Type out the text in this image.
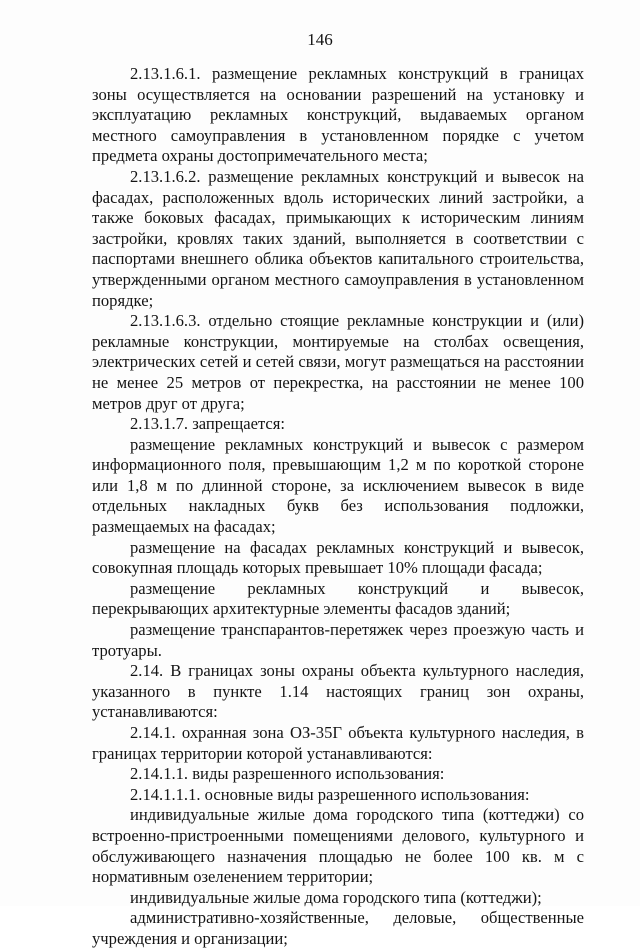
146

2.13.1.6.1. размещение рекламных конструкций в границах зоны осуществляется на основании разрешений на установку и эксплуатацию рекламных конструкций, выдаваемых органом местного самоуправления в установленном порядке с учетом предмета охраны достопримечательного места;

2.13.1.6.2. размещение рекламных конструкций и вывесок на фасадах, расположенных вдоль исторических линий застройки, а также боковых фасадах, примыкающих к историческим линиям застройки, кровлях таких зданий, выполняется в соответствии с паспортами внешнего облика объектов капитального строительства, утвержденными органом местного самоуправления в установленном порядке;

2.13.1.6.3. отдельно стоящие рекламные конструкции и (или) рекламные конструкции, монтируемые на столбах освещения, электрических сетей и сетей связи, могут размещаться на расстоянии не менее 25 метров от перекрестка, на расстоянии не менее 100 метров друг от друга;

2.13.1.7. запрещается:

размещение рекламных конструкций и вывесок с размером информационного поля, превышающим 1,2 м по короткой стороне или 1,8 м по длинной стороне, за исключением вывесок в виде отдельных накладных букв без использования подложки, размещаемых на фасадах;

размещение на фасадах рекламных конструкций и вывесок, совокупная площадь которых превышает 10% площади фасада;

размещение рекламных конструкций и вывесок, перекрывающих архитектурные элементы фасадов зданий;

размещение транспарантов-перетяжек через проезжую часть и тротуары.

2.14. В границах зоны охраны объекта культурного наследия, указанного в пункте 1.14 настоящих границ зон охраны, устанавливаются:

2.14.1. охранная зона ОЗ-35Г объекта культурного наследия, в границах территории которой устанавливаются:

2.14.1.1. виды разрешенного использования:

2.14.1.1.1. основные виды разрешенного использования:

индивидуальные жилые дома городского типа (коттеджи) со встроенно-пристроенными помещениями делового, культурного и обслуживающего назначения площадью не более 100 кв. м с нормативным озеленением территории;

индивидуальные жилые дома городского типа (коттеджи);

административно-хозяйственные, деловые, общественные учреждения и организации;
